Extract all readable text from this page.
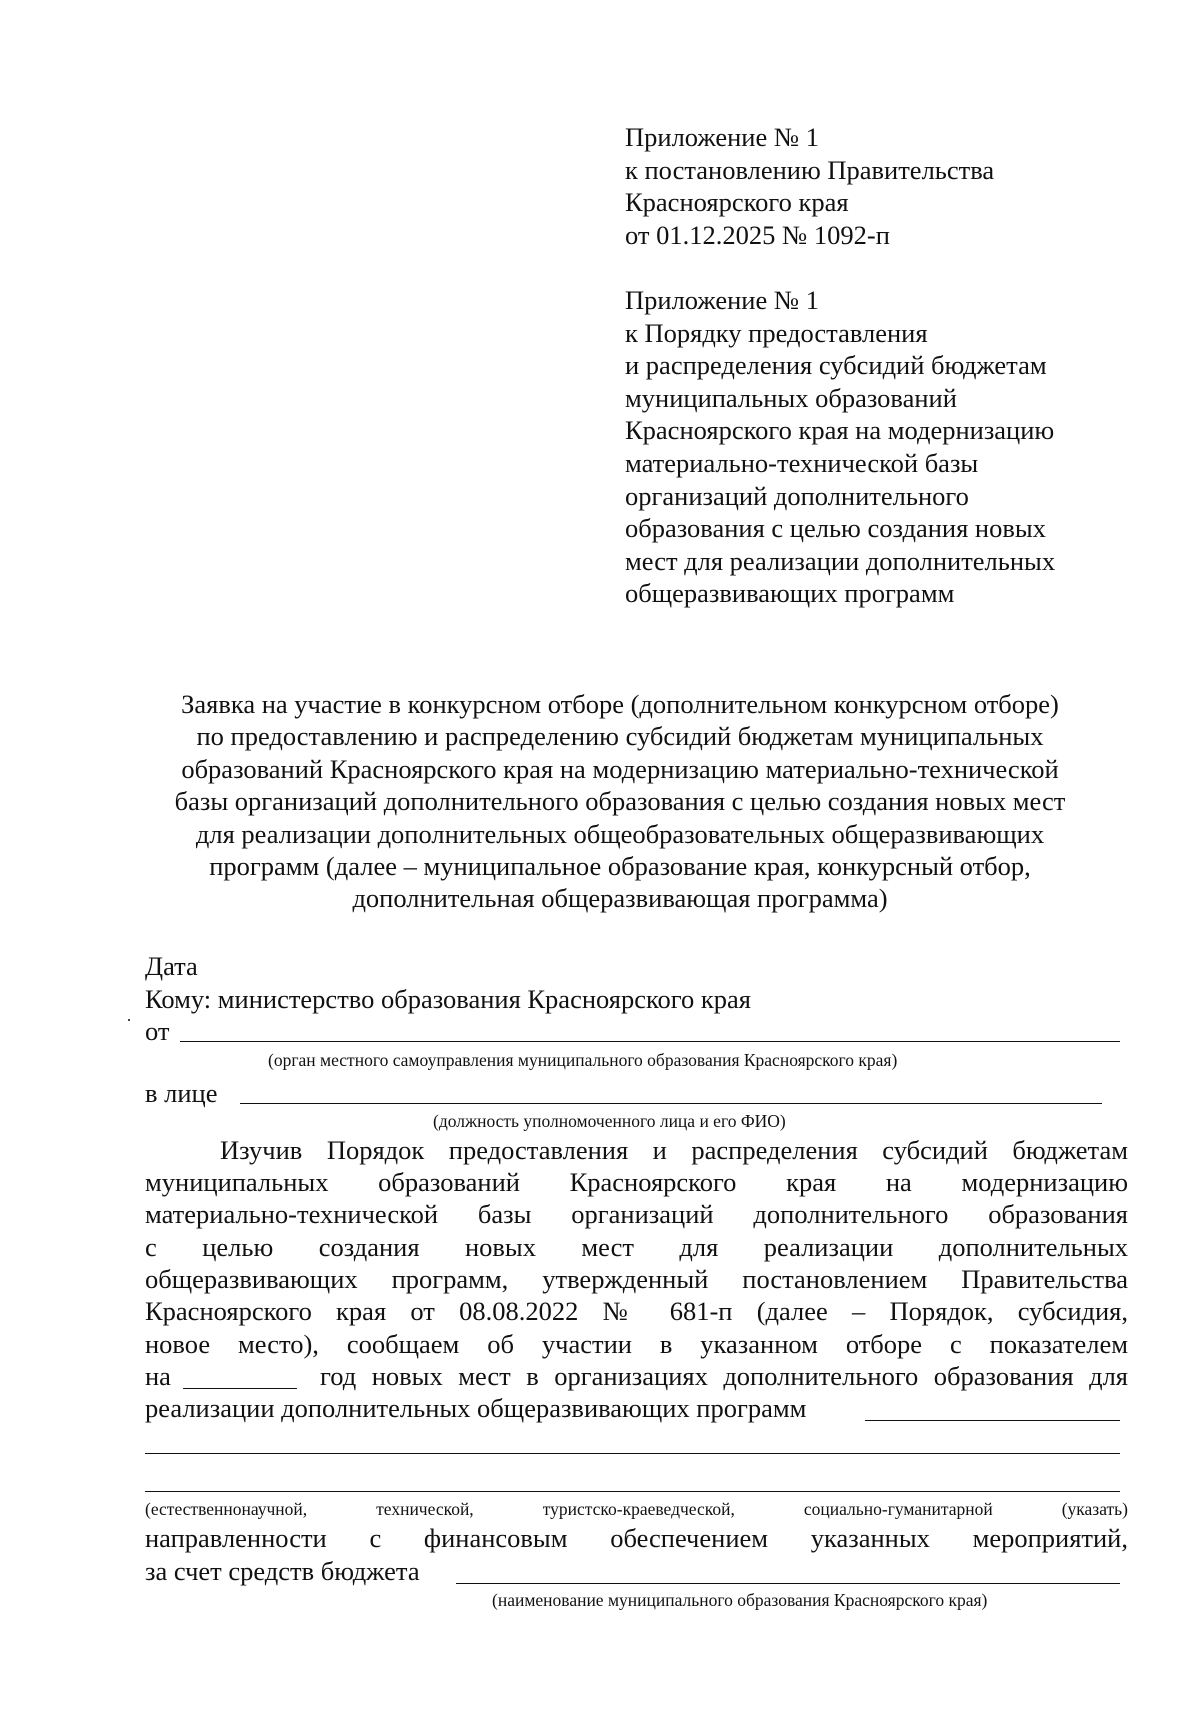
Приложение № 1
к постановлению Правительства
Красноярского края
от 01.12.2025 № 1092-п
Приложение № 1
к Порядку предоставления
и распределения субсидий бюджетам
муниципальных образований
Красноярского края на модернизацию
материально-технической базы
организаций дополнительного
образования с целью создания новых
мест для реализации дополнительных
общеразвивающих программ
Заявка на участие в конкурсном отборе (дополнительном конкурсном отборе)
по предоставлению и распределению субсидий бюджетам муниципальных
образований Красноярского края на модернизацию материально-технической
базы организаций дополнительного образования с целью создания новых мест
для реализации дополнительных общеобразовательных общеразвивающих
программ (далее – муниципальное образование края, конкурсный отбор,
дополнительная общеразвивающая программа)
Дата
Кому: министерство образования Красноярского края
от
(орган местного самоуправления муниципального образования Красноярского края)
в лице
(должность уполномоченного лица и его ФИО)
Изучив Порядок предоставления и распределения субсидий бюджетам
муниципальных образований Красноярского края на модернизацию
материально-технической базы организаций дополнительного образования
с целью создания новых мест для реализации дополнительных
общеразвивающих программ, утвержденный постановлением Правительства
Красноярского края от 08.08.2022 № 681-п (далее – Порядок, субсидия,
новое место), сообщаем об участии в указанном отборе с показателем
на	год новых мест в организациях дополнительного образования для
реализации дополнительных общеразвивающих программ
(естественнонаучной, технической, туристско-краеведческой, социально-гуманитарной (указать)
направленности с финансовым обеспечением указанных мероприятий,
за счет средств бюджета
(наименование муниципального образования Красноярского края)
